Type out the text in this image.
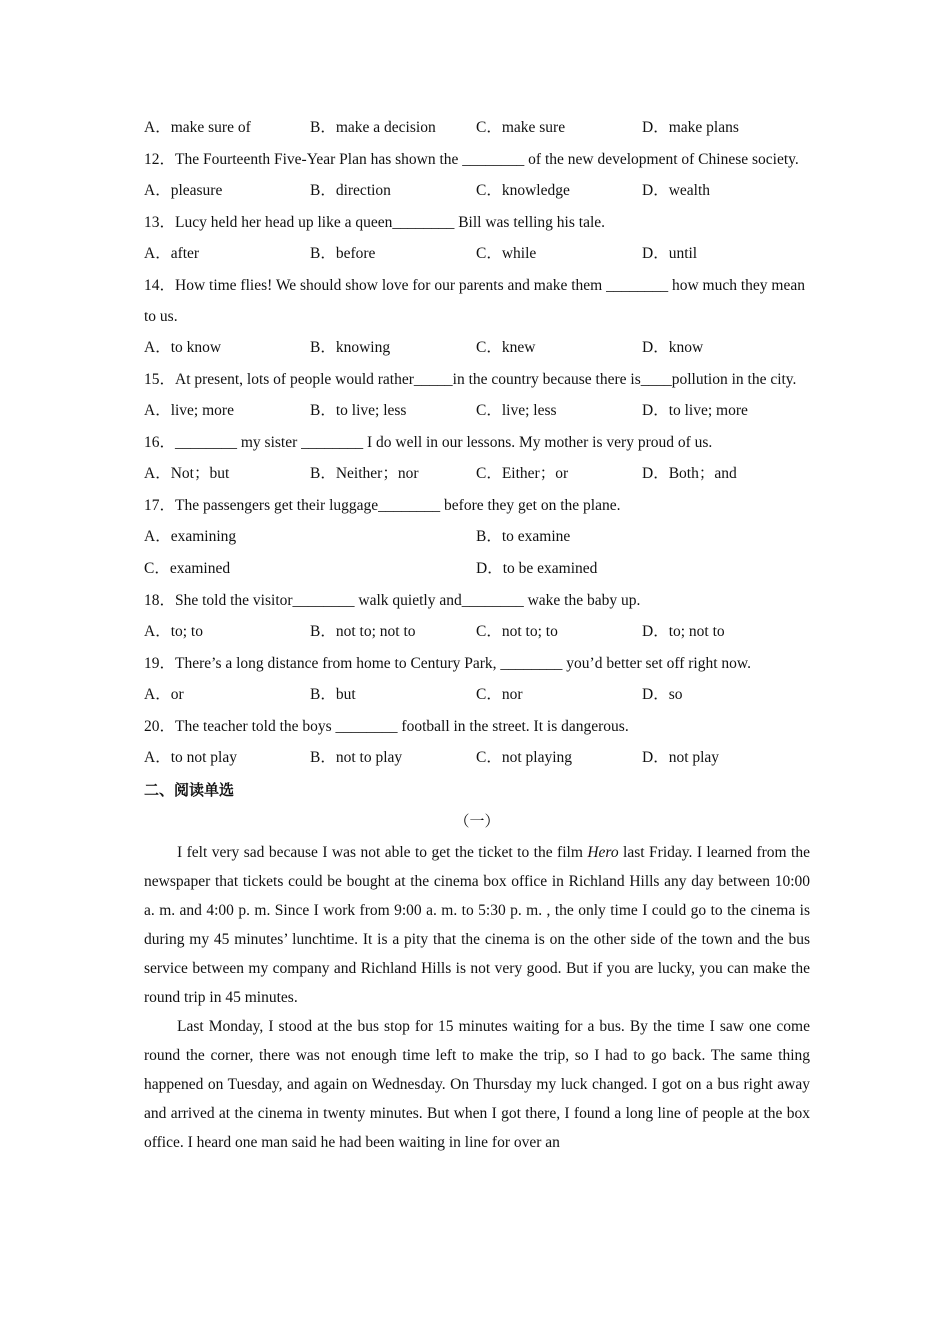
A．make sure of	B．make a decision	C．make sure	D．make plans
12．The Fourteenth Five-Year Plan has shown the ________ of the new development of Chinese society.
A．pleasure	B．direction	C．knowledge	D．wealth
13．Lucy held her head up like a queen________ Bill was telling his tale.
A．after	B．before	C．while	D．until
14．How time flies! We should show love for our parents and make them ________ how much they mean to us.
A．to know	B．knowing	C．knew	D．know
15．At present, lots of people would rather_____in the country because there is____pollution in the city.
A．live; more	B．to live; less	C．live; less	D．to live; more
16．________ my sister ________ I do well in our lessons. My mother is very proud of us.
A．Not；but	B．Neither；nor	C．Either；or	D．Both；and
17．The passengers get their luggage________ before they get on the plane.
A．examining	B．to examine
C．examined	D．to be examined
18．She told the visitor________ walk quietly and________ wake the baby up.
A．to; to	B．not to; not to	C．not to; to	D．to; not to
19．There’s a long distance from home to Century Park, ________ you’d better set off right now.
A．or	B．but	C．nor	D．so
20．The teacher told the boys ________ football in the street. It is dangerous.
A．to not play	B．not to play	C．not playing	D．not play
二、阅读单选
（一）
I felt very sad because I was not able to get the ticket to the film Hero last Friday. I learned from the newspaper that tickets could be bought at the cinema box office in Richland Hills any day between 10:00 a. m. and 4:00 p. m. Since I work from 9:00 a. m. to 5:30 p. m. , the only time I could go to the cinema is during my 45 minutes’ lunchtime. It is a pity that the cinema is on the other side of the town and the bus service between my company and Richland Hills is not very good. But if you are lucky, you can make the round trip in 45 minutes.
Last Monday, I stood at the bus stop for 15 minutes waiting for a bus. By the time I saw one come round the corner, there was not enough time left to make the trip, so I had to go back. The same thing happened on Tuesday, and again on Wednesday. On Thursday my luck changed. I got on a bus right away and arrived at the cinema in twenty minutes. But when I got there, I found a long line of people at the box office. I heard one man said he had been waiting in line for over an
